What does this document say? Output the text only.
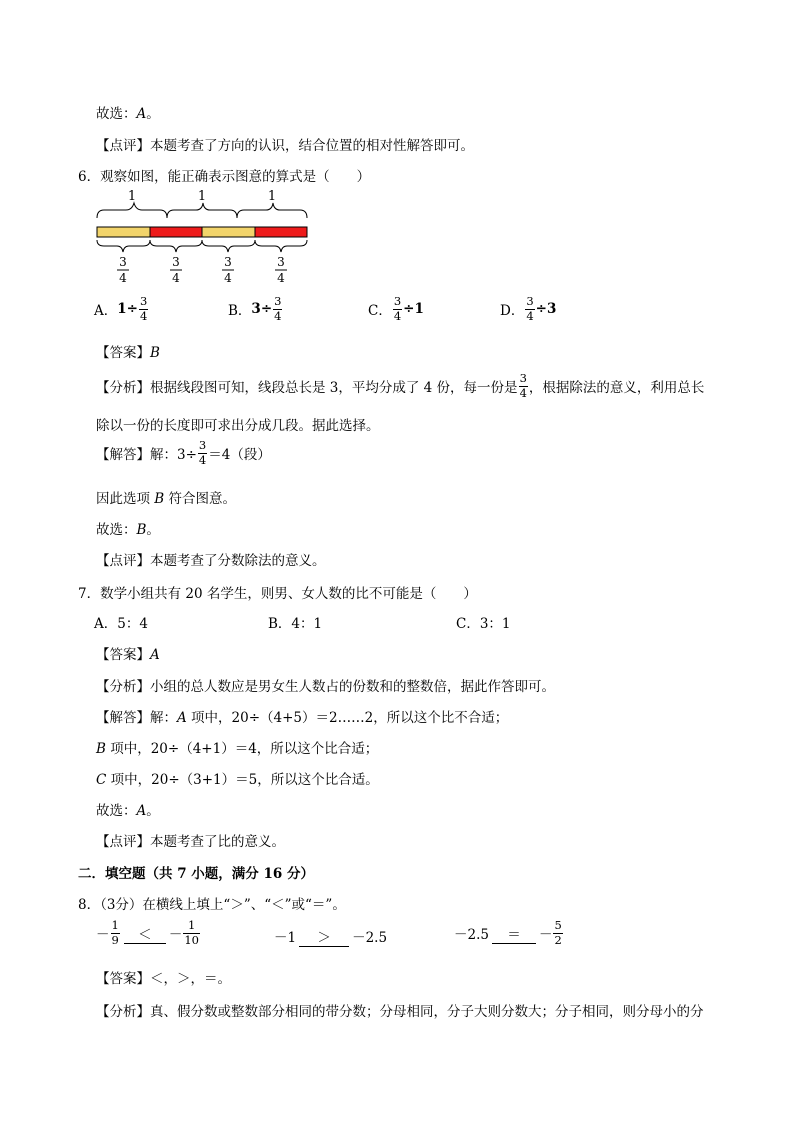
故选：A。
【点评】本题考查了方向的认识，结合位置的相对性解答即可。
6．观察如图，能正确表示图意的算式是（　　）
1	1	1
3
4
3
4
3
4
3
4
A．$1\div \frac{3}{4}$	B．$3\div \frac{3}{4}$	C． $\frac{3}{4} \div 1$	D． $\frac{3}{4} \div 3$
【答案】B
【分析】根据线段图可知，线段总长是 3，平均分成了 4 份，每一份是 $\frac{3}{4}$ ，根据除法的意义，利用总长
除以一份的长度即可求出分成几段。据此选择。
【解答】解：$3\div \frac{3}{4} =4$（段）
因此选项 B 符合图意。
故选：B。
【点评】本题考查了分数除法的意义。
7．数学小组共有 20 名学生，则男、女人数的比不可能是（　　）
A．5：4	B．4：1	C．3：1
【答案】A
【分析】小组的总人数应是男女生人数占的份数和的整数倍，据此作答即可。
【解答】解：A 项中，20÷（4+5）＝2……2，所以这个比不合适；
B 项中，20÷（4+1）＝4，所以这个比合适；
C 项中，20÷（3+1）＝5，所以这个比合适。
故选：A。
【点评】本题考查了比的意义。
二．填空题（共 7 小题，满分 16 分）
8．（3分）在横线上填上“＞”、“＜”或“＝”。
－ $\frac{1}{9}$ ＜ － $\frac{1}{10}$	－1 ＞ －2.5	－2.5 ＝ － $\frac{5}{2}$
【答案】＜，＞，＝。
【分析】真、假分数或整数部分相同的带分数；分母相同，分子大则分数大；分子相同，则分母小的分
